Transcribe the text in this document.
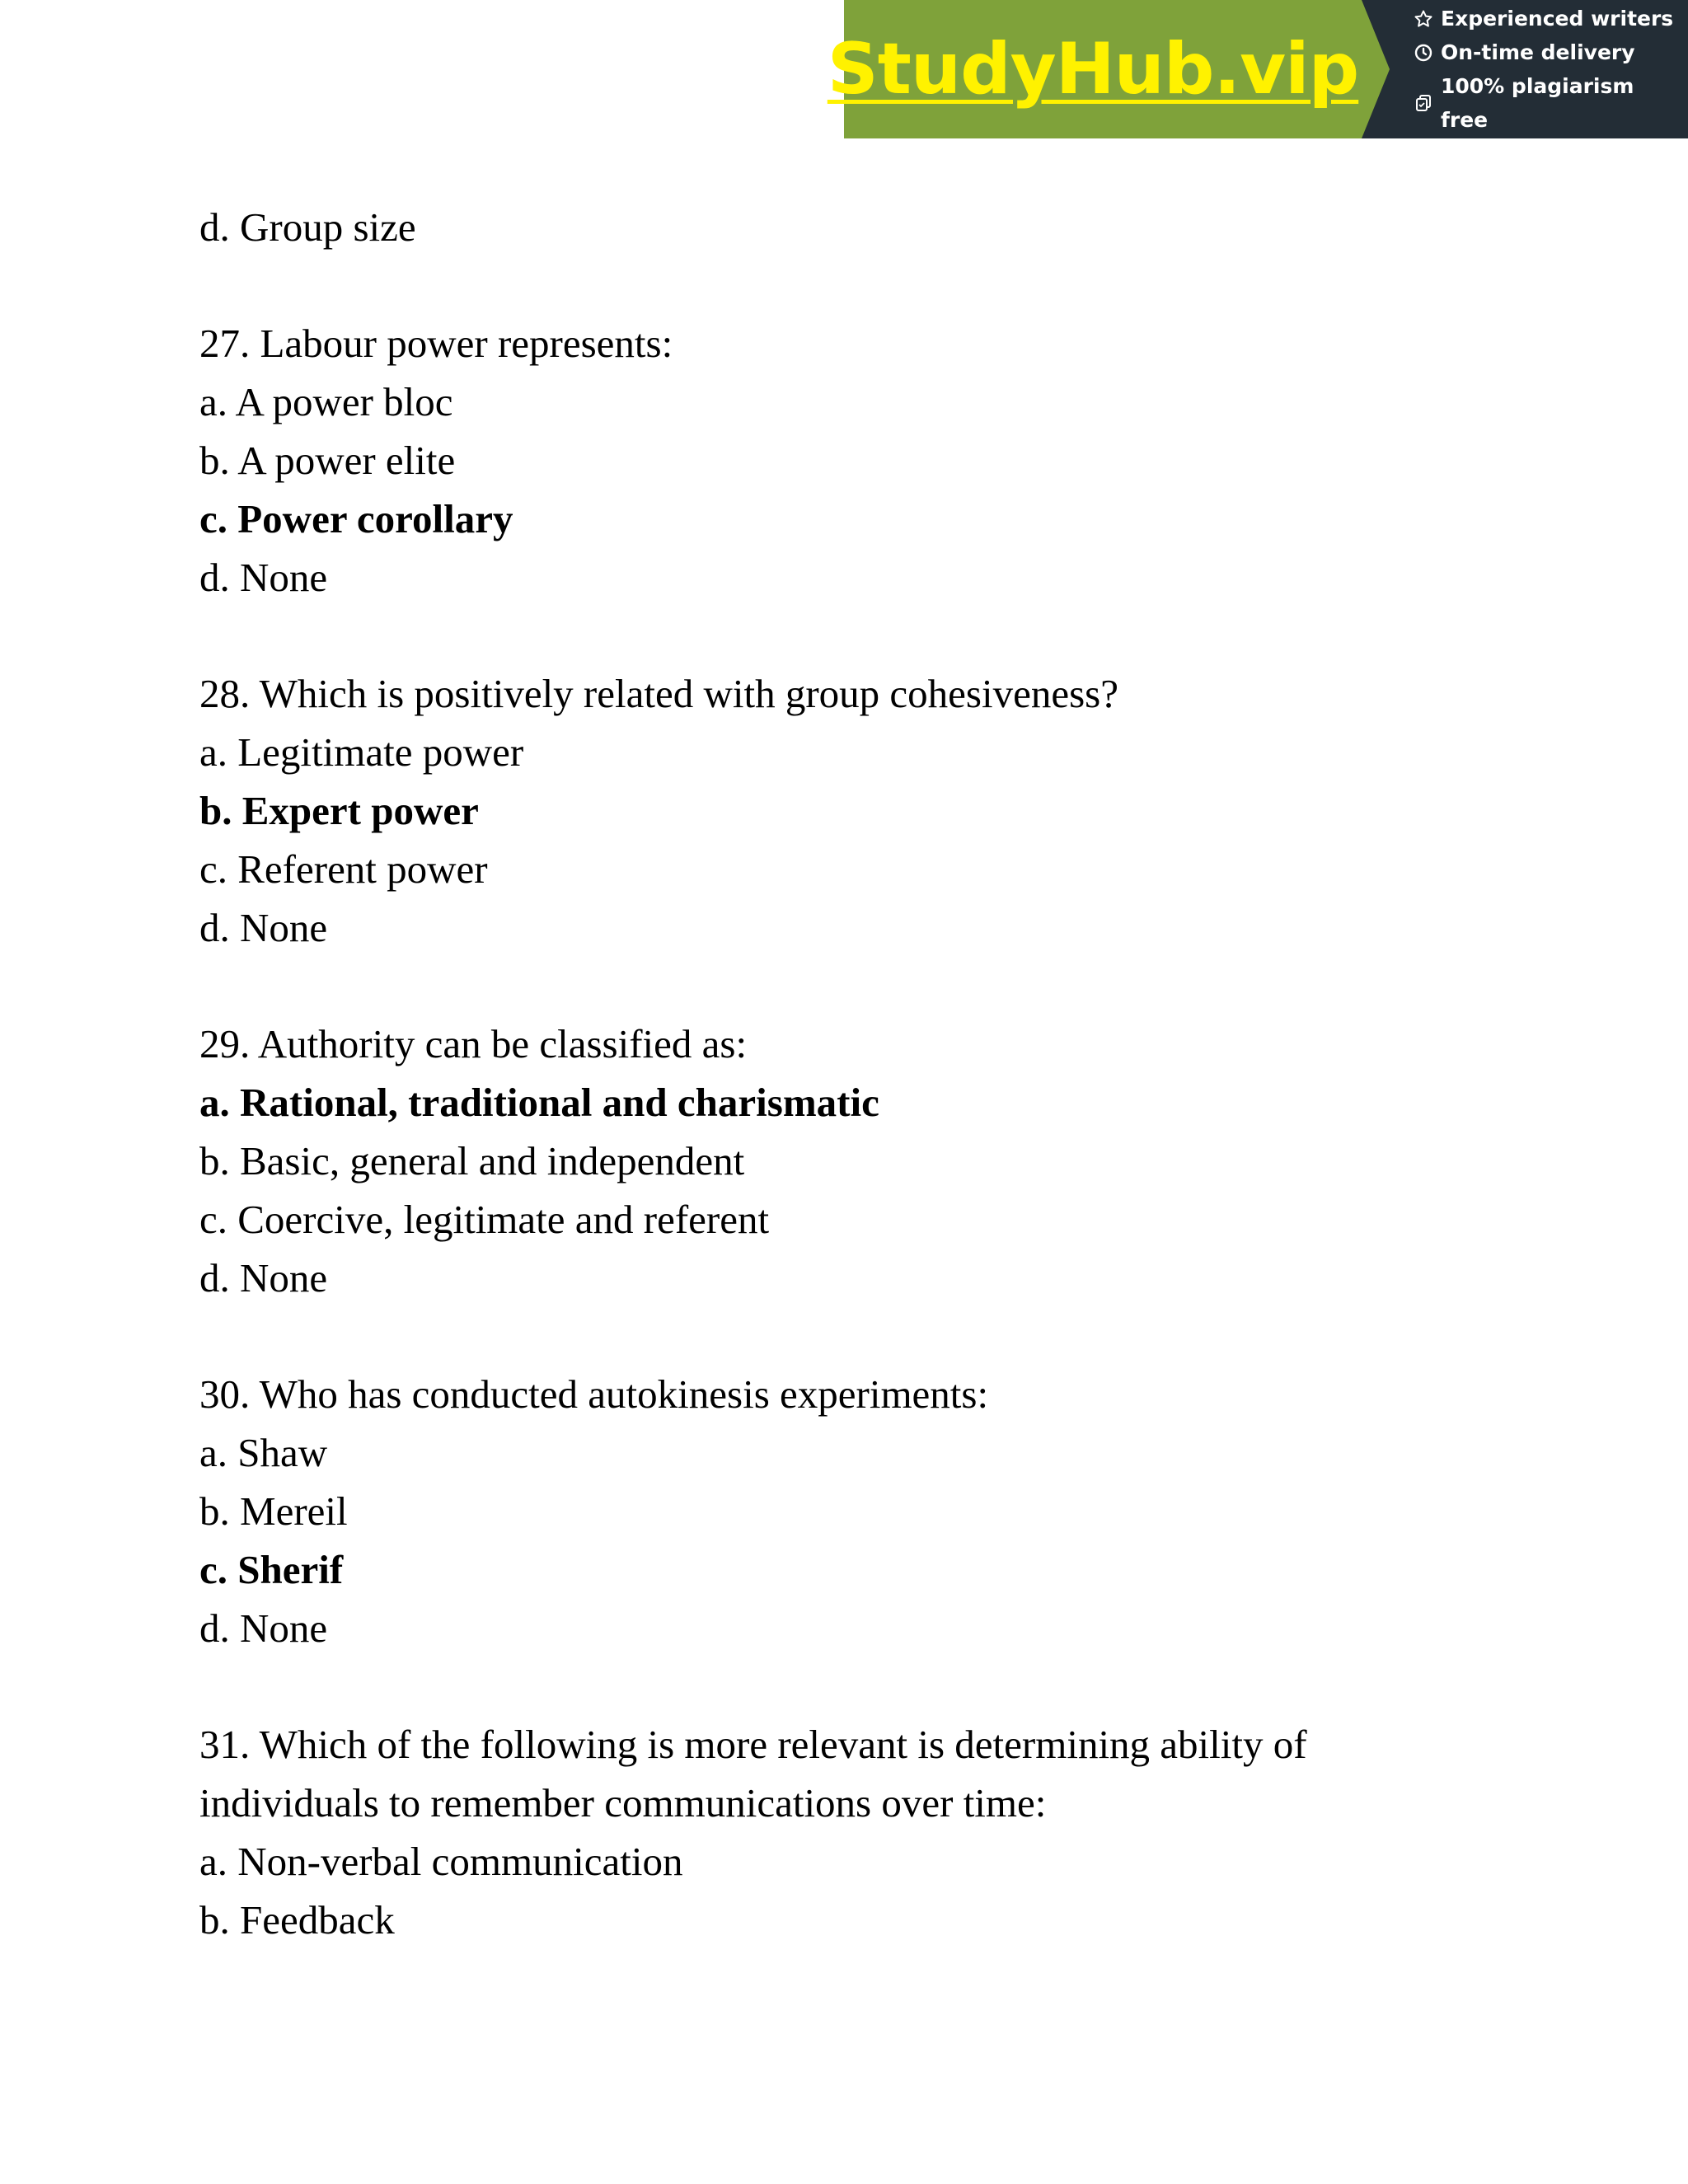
StudyHub.vip
Experienced writers
On-time delivery
100% plagiarism free
d. Group size
27. Labour power represents:
a. A power bloc
b. A power elite
c. Power corollary
d. None
28. Which is positively related with group cohesiveness?
a. Legitimate power
b. Expert power
c. Referent power
d. None
29. Authority can be classified as:
a. Rational, traditional and charismatic
b. Basic, general and independent
c. Coercive, legitimate and referent
d. None
30. Who has conducted autokinesis experiments:
a. Shaw
b. Mereil
c. Sherif
d. None
31. Which of the following is more relevant is determining ability of
individuals to remember communications over time:
a. Non-verbal communication
b. Feedback
